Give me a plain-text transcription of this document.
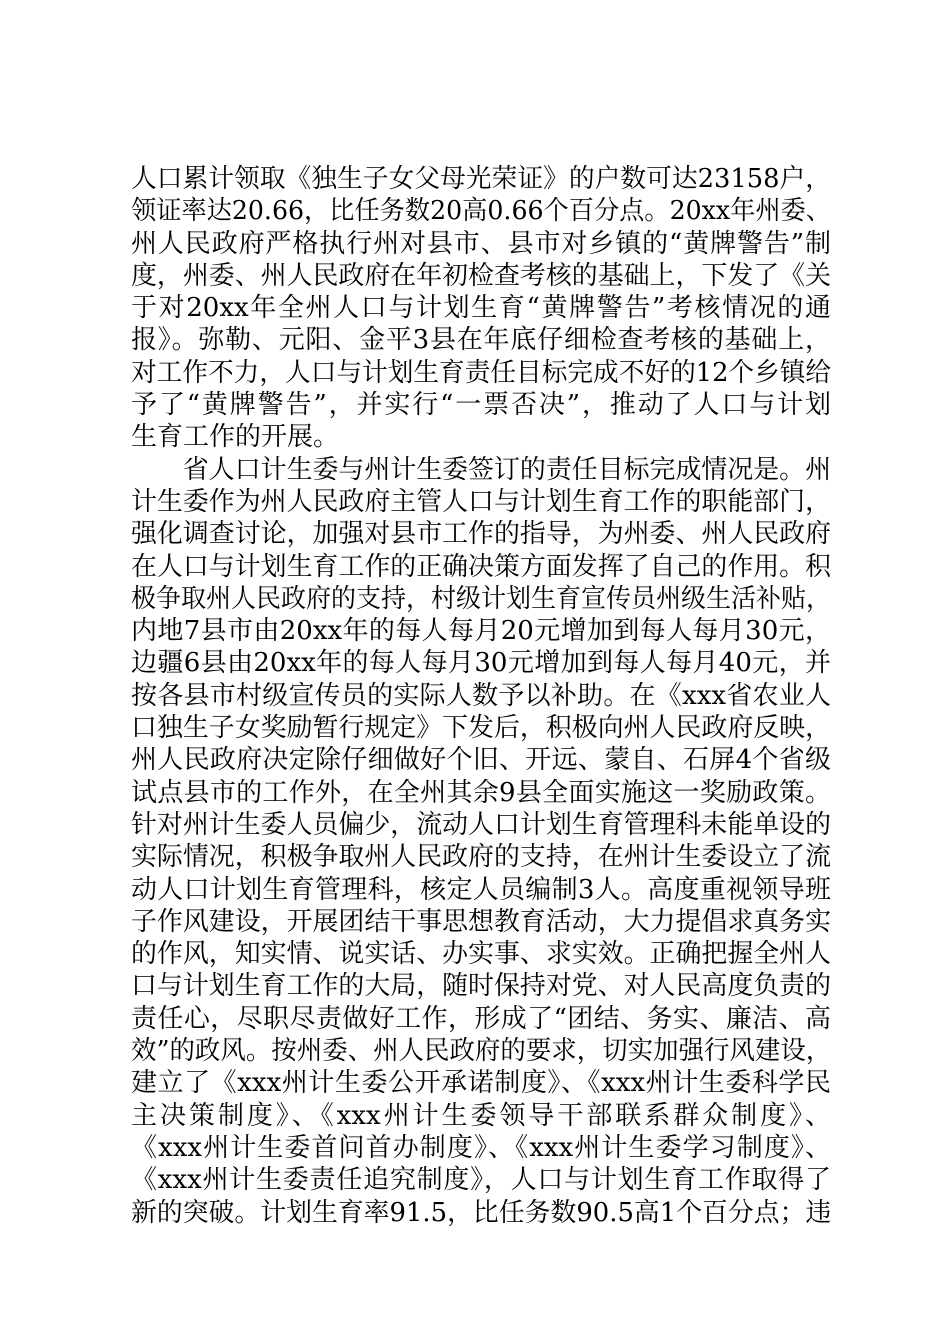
人口累计领取《独生子女父母光荣证》的户数可达23158户，
领证率达20.66，比任务数20高0.66个百分点。20xx年州委、
州人民政府严格执行州对县市、县市对乡镇的“黄牌警告”制
度，州委、州人民政府在年初检查考核的基础上，下发了《关
于对20xx年全州人口与计划生育“黄牌警告”考核情况的通
报》。弥勒、元阳、金平3县在年底仔细检查考核的基础上，
对工作不力，人口与计划生育责任目标完成不好的12个乡镇给
予了“黄牌警告”，并实行“一票否决”，推动了人口与计划
生育工作的开展。
　　省人口计生委与州计生委签订的责任目标完成情况是。州
计生委作为州人民政府主管人口与计划生育工作的职能部门，
强化调查讨论，加强对县市工作的指导，为州委、州人民政府
在人口与计划生育工作的正确决策方面发挥了自己的作用。积
极争取州人民政府的支持，村级计划生育宣传员州级生活补贴，
内地7县市由20xx年的每人每月20元增加到每人每月30元，
边疆6县由20xx年的每人每月30元增加到每人每月40元，并
按各县市村级宣传员的实际人数予以补助。在《xxx省农业人
口独生子女奖励暂行规定》下发后，积极向州人民政府反映，
州人民政府决定除仔细做好个旧、开远、蒙自、石屏4个省级
试点县市的工作外，在全州其余9县全面实施这一奖励政策。
针对州计生委人员偏少，流动人口计划生育管理科未能单设的
实际情况，积极争取州人民政府的支持，在州计生委设立了流
动人口计划生育管理科，核定人员编制3人。高度重视领导班
子作风建设，开展团结干事思想教育活动，大力提倡求真务实
的作风，知实情、说实话、办实事、求实效。正确把握全州人
口与计划生育工作的大局，随时保持对党、对人民高度负责的
责任心，尽职尽责做好工作，形成了“团结、务实、廉洁、高
效”的政风。按州委、州人民政府的要求，切实加强行风建设，
建立了《xxx州计生委公开承诺制度》、《xxx州计生委科学民
主决策制度》、《xxx州计生委领导干部联系群众制度》、
《xxx州计生委首问首办制度》、《xxx州计生委学习制度》、
《xxx州计生委责任追究制度》，人口与计划生育工作取得了
新的突破。计划生育率91.5，比任务数90.5高1个百分点；违
